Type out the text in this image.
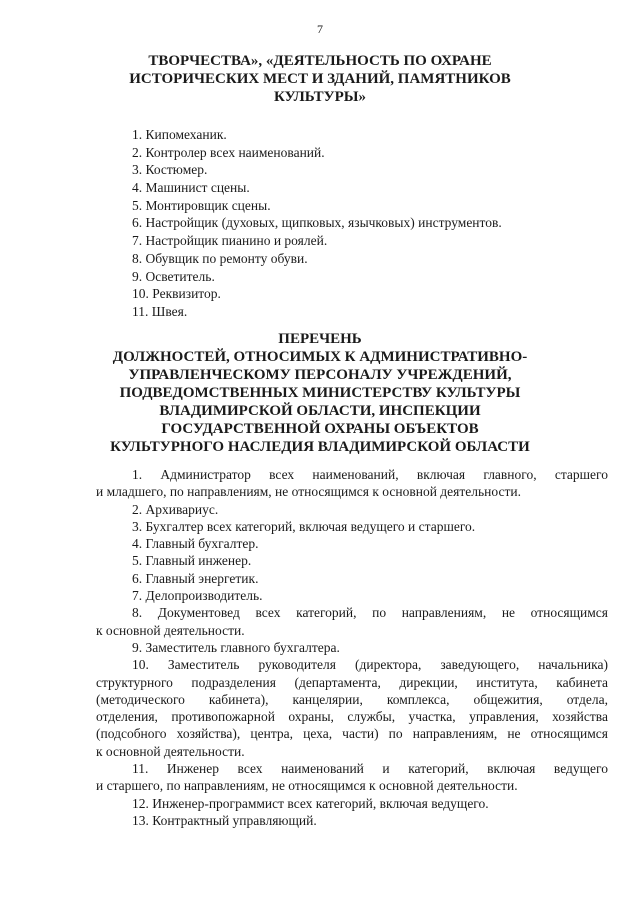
7
ТВОРЧЕСТВА», «ДЕЯТЕЛЬНОСТЬ ПО ОХРАНЕ
ИСТОРИЧЕСКИХ МЕСТ И ЗДАНИЙ, ПАМЯТНИКОВ
КУЛЬТУРЫ»
1. Кипомеханик.
2. Контролер всех наименований.
3. Костюмер.
4. Машинист сцены.
5. Монтировщик сцены.
6. Настройщик (духовых, щипковых, язычковых) инструментов.
7. Настройщик пианино и роялей.
8. Обувщик по ремонту обуви.
9. Осветитель.
10. Реквизитор.
11. Швея.
ПЕРЕЧЕНЬ
ДОЛЖНОСТЕЙ, ОТНОСИМЫХ К АДМИНИСТРАТИВНО-
УПРАВЛЕНЧЕСКОМУ ПЕРСОНАЛУ УЧРЕЖДЕНИЙ,
ПОДВЕДОМСТВЕННЫХ МИНИСТЕРСТВУ КУЛЬТУРЫ
ВЛАДИМИРСКОЙ ОБЛАСТИ, ИНСПЕКЦИИ
ГОСУДАРСТВЕННОЙ ОХРАНЫ ОБЪЕКТОВ
КУЛЬТУРНОГО НАСЛЕДИЯ ВЛАДИМИРСКОЙ ОБЛАСТИ
1. Администратор всех наименований, включая главного, старшего
и младшего, по направлениям, не относящимся к основной деятельности.
2. Архивариус.
3. Бухгалтер всех категорий, включая ведущего и старшего.
4. Главный бухгалтер.
5. Главный инженер.
6. Главный энергетик.
7. Делопроизводитель.
8. Документовед всех категорий, по направлениям, не относящимся
к основной деятельности.
9. Заместитель главного бухгалтера.
10. Заместитель руководителя (директора, заведующего, начальника)
структурного подразделения (департамента, дирекции, института, кабинета
(методического кабинета), канцелярии, комплекса, общежития, отдела,
отделения, противопожарной охраны, службы, участка, управления, хозяйства
(подсобного хозяйства), центра, цеха, части) по направлениям, не относящимся
к основной деятельности.
11. Инженер всех наименований и категорий, включая ведущего
и старшего, по направлениям, не относящимся к основной деятельности.
12. Инженер-программист всех категорий, включая ведущего.
13. Контрактный управляющий.
